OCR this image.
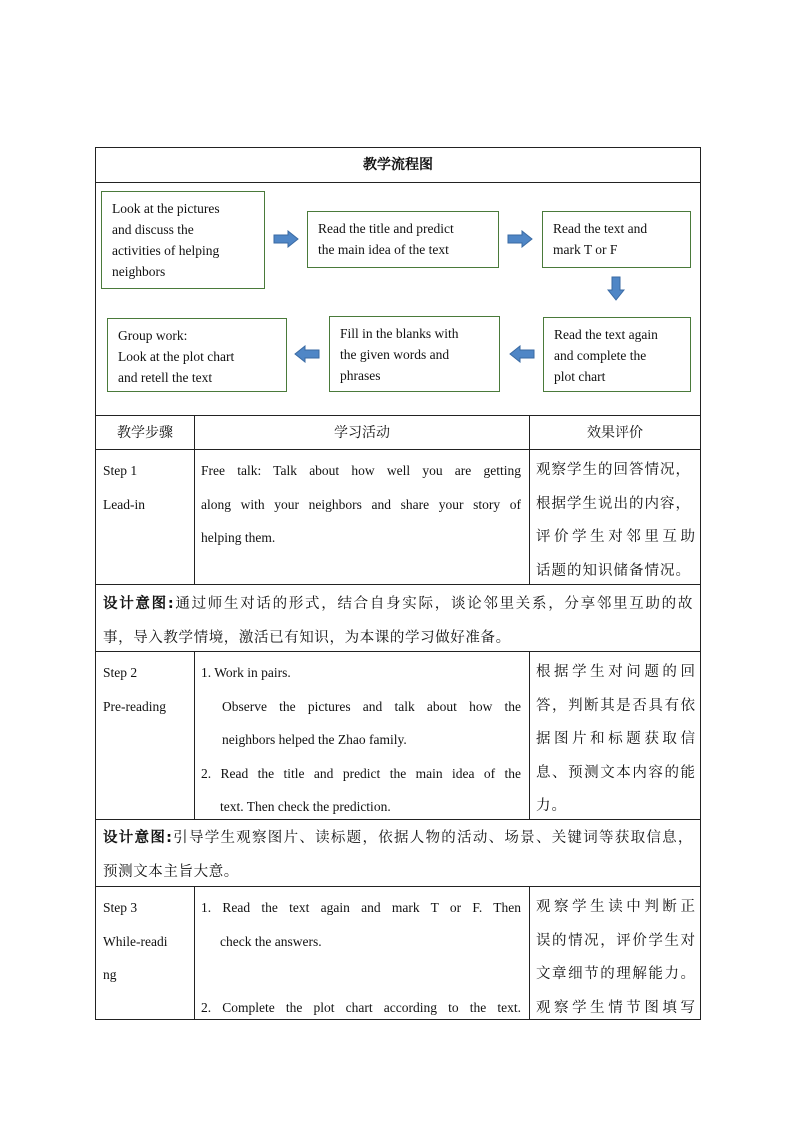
教学流程图
Look at the pictures
and discuss the
activities of helping
neighbors
Read the title and predict
the main idea of the text
Read the text and
mark T or F
Read the text again
and complete the
plot chart
Fill in the blanks with
the given words and
phrases
Group work:
Look at the plot chart
and retell the text
教学步骤	学习活动	效果评价
Step 1
Lead-in
Free talk: Talk about how well you are getting
along with your neighbors and share your story of
helping them.
观察学生的回答情况，
根据学生说出的内容，
评价学生对邻里互助
话题的知识储备情况。
设计意图:通过师生对话的形式，结合自身实际，谈论邻里关系，分享邻里互助的故
事，导入教学情境，激活已有知识，为本课的学习做好准备。
Step 2
Pre-reading
1. Work in pairs.
Observe the pictures and talk about how the
neighbors helped the Zhao family.
2. Read the title and predict the main idea of the
text. Then check the prediction.
根据学生对问题的回
答，判断其是否具有依
据图片和标题获取信
息、预测文本内容的能
力。
设计意图:引导学生观察图片、读标题，依据人物的活动、场景、关键词等获取信息，
预测文本主旨大意。
Step 3
While-readi
ng
1. Read the text again and mark T or F. Then
check the answers.
2. Complete the plot chart according to the text.
观察学生读中判断正
误的情况，评价学生对
文章细节的理解能力。
观察学生情节图填写
